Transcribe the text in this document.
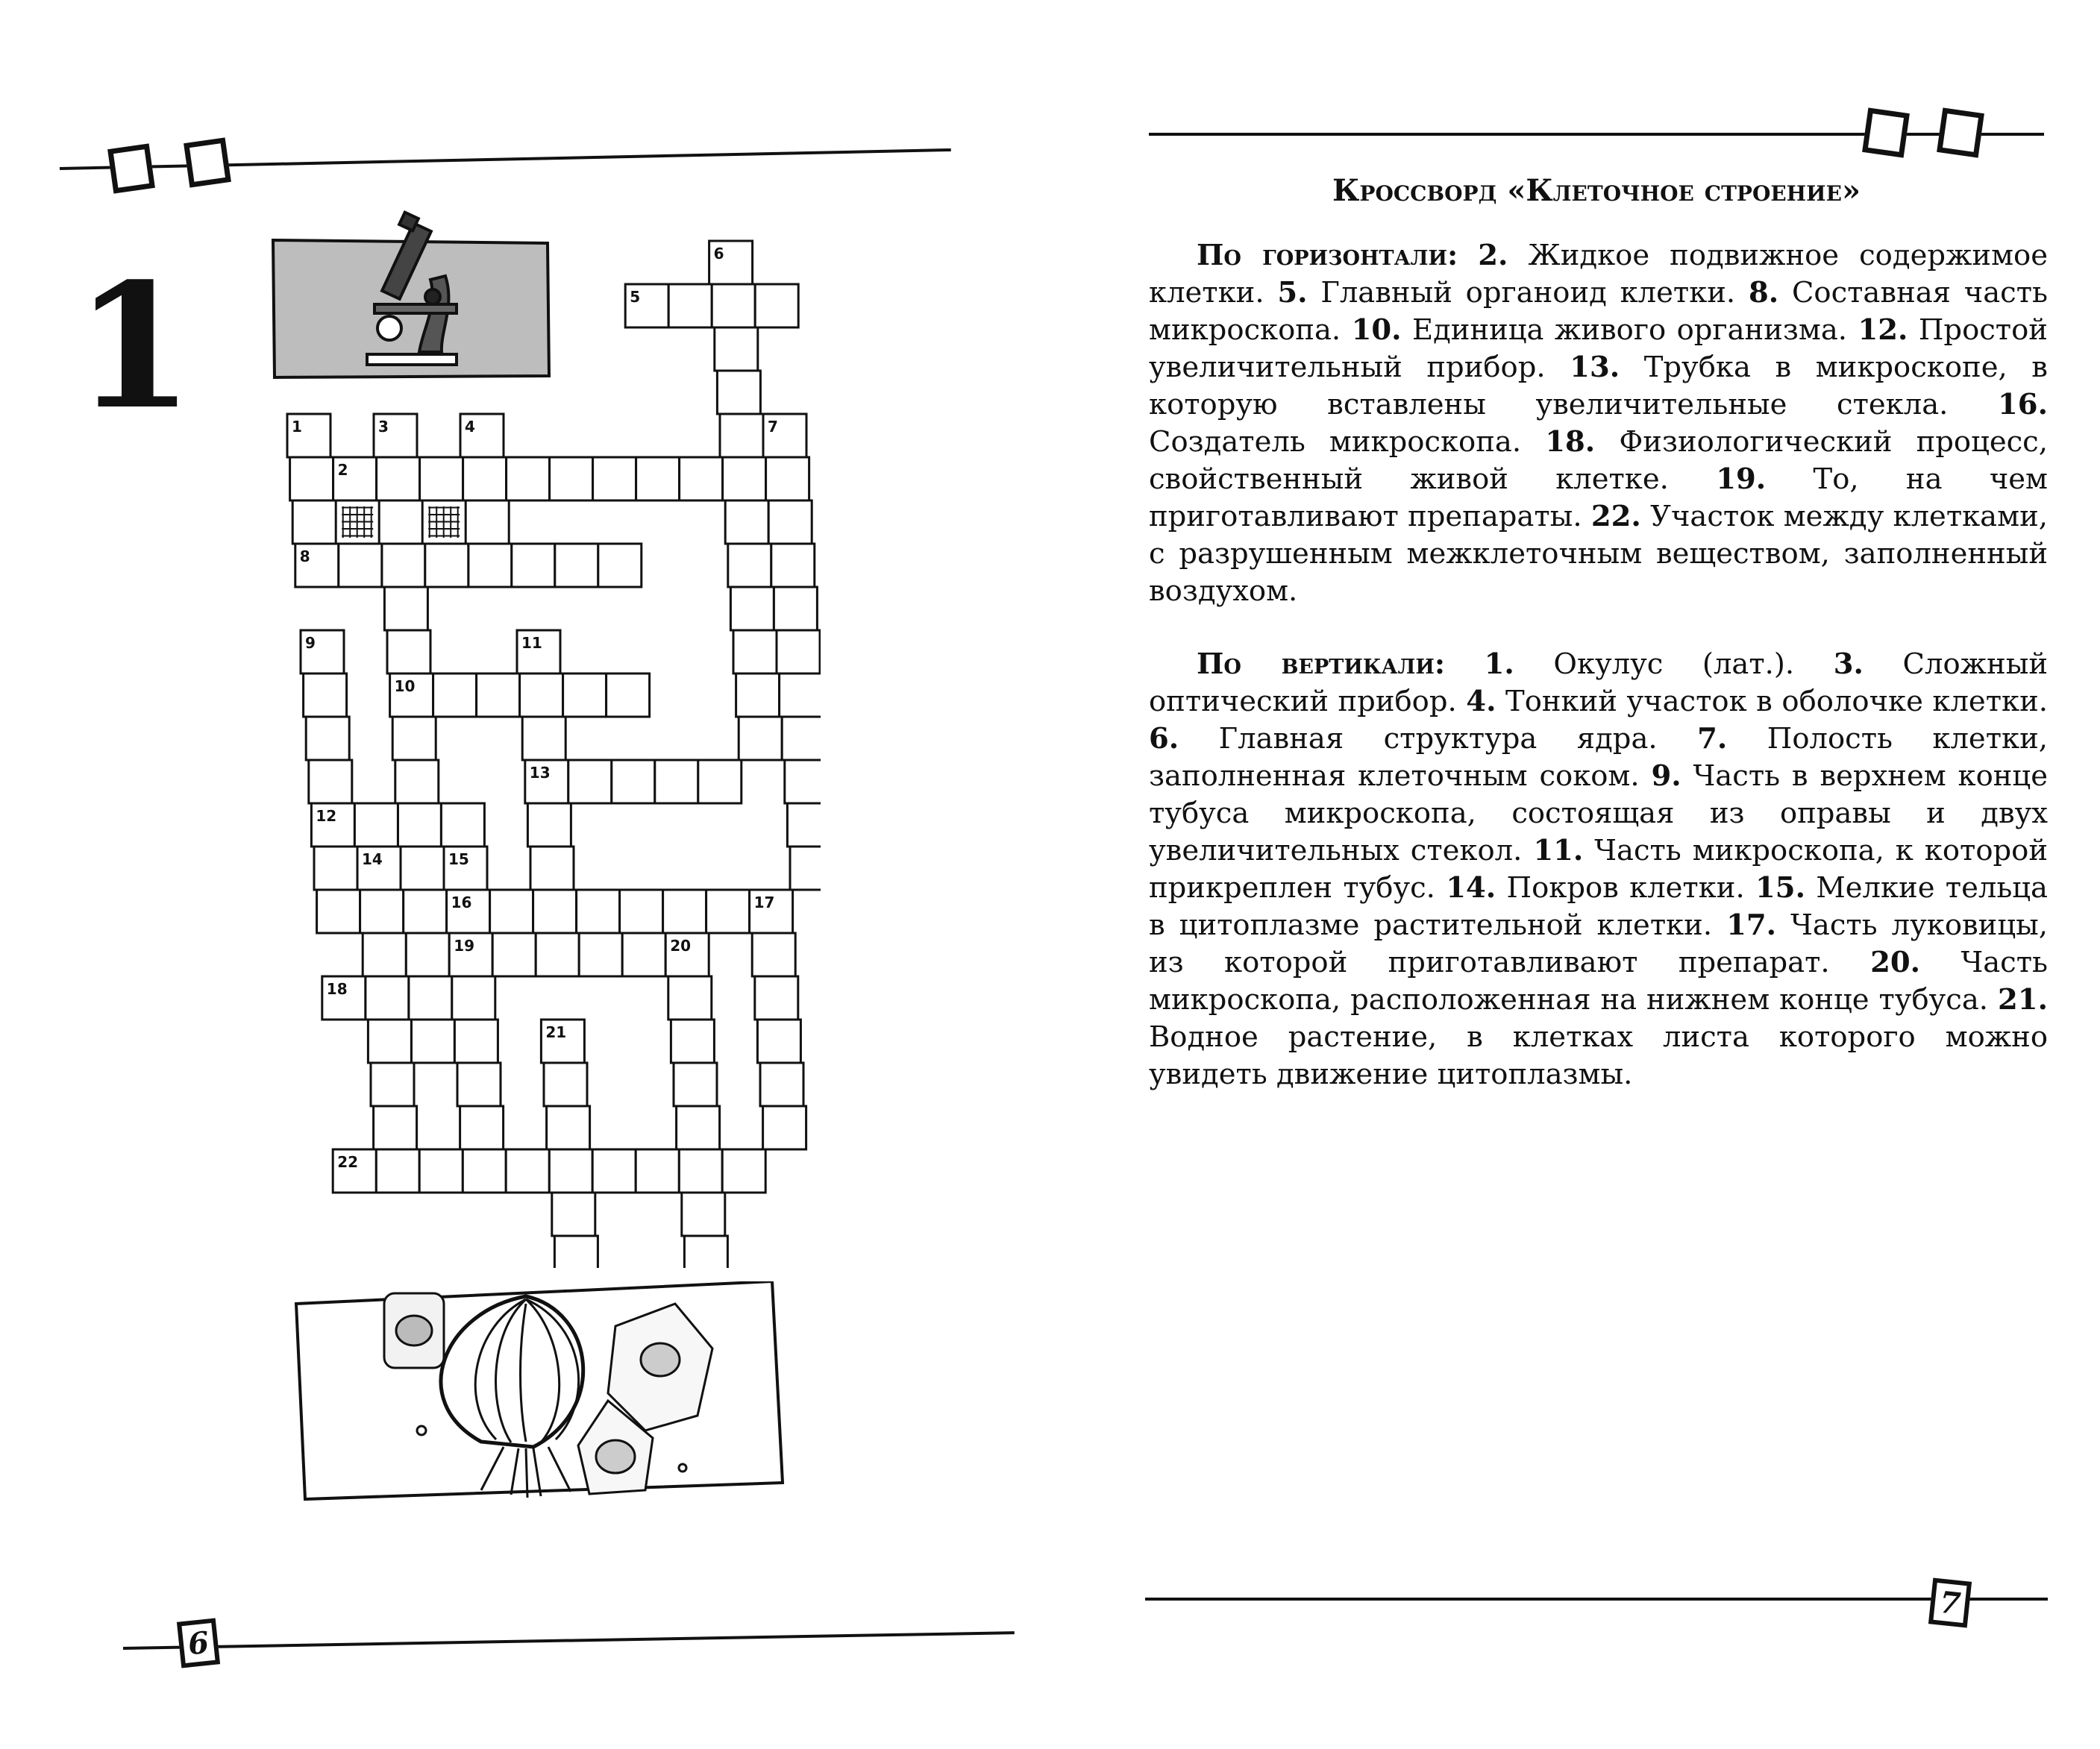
1	1
2
3	4
5
6
7
8
9
10
11
12
13
14	15
16	17
18
19	20
21
22
6
Кроссворд «Клеточное строение»

По горизонтали: 2. Жидкое подвижное содержимое клетки. 5. Главный органоид клетки. 8. Составная часть микроскопа. 10. Единица живого организма. 12. Простой увеличительный прибор. 13. Трубка в микроскопе, в которую вставлены увеличительные стекла. 16. Создатель микроскопа. 18. Физиологический процесс, свойственный живой клетке. 19. То, на чем приготавливают препараты. 22. Участок между клетками, с разрушенным межклеточным веществом, заполненный воздухом.

По вертикали: 1. Окулус (лат.). 3. Сложный оптический прибор. 4. Тонкий участок в оболочке клетки. 6. Главная структура ядра. 7. Полость клетки, заполненная клеточным соком. 9. Часть в верхнем конце тубуса микроскопа, состоящая из оправы и двух увеличительных стекол. 11. Часть микроскопа, к которой прикреплен тубус. 14. Покров клетки. 15. Мелкие тельца в цитоплазме растительной клетки. 17. Часть луковицы, из которой приготавливают препарат. 20. Часть микроскопа, расположенная на нижнем конце тубуса. 21. Водное растение, в клетках листа которого можно увидеть движение цитоплазмы.

7
